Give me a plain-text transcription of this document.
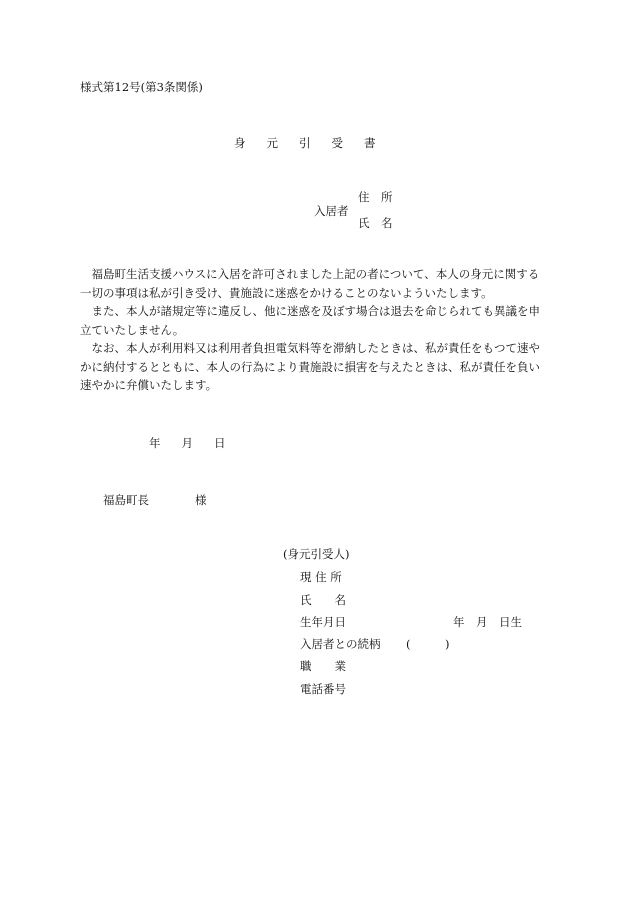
様式第12号(第3条関係)
身 元 引 受 書
入居者
住　所
氏　名

福島町生活支援ハウスに入居を許可されました上記の者について、本人の身元に関する一切の事項は私が引き受け、貴施設に迷惑をかけることのないよういたします。

また、本人が諸規定等に違反し、他に迷惑を及ぼす場合は退去を命じられても異議を申立ていたしません。

なお、本人が利用料又は利用者負担電気料等を滞納したときは、私が責任をもつて速やかに納付するとともに、本人の行為により貴施設に損害を与えたときは、私が責任を負い速やかに弁償いたします。

年 月 日
福島町長	様
(身元引受人)
現 住 所
氏　　名
生年月日	年　月　日生
入居者との続柄 (　　　)
職　　業
電話番号
